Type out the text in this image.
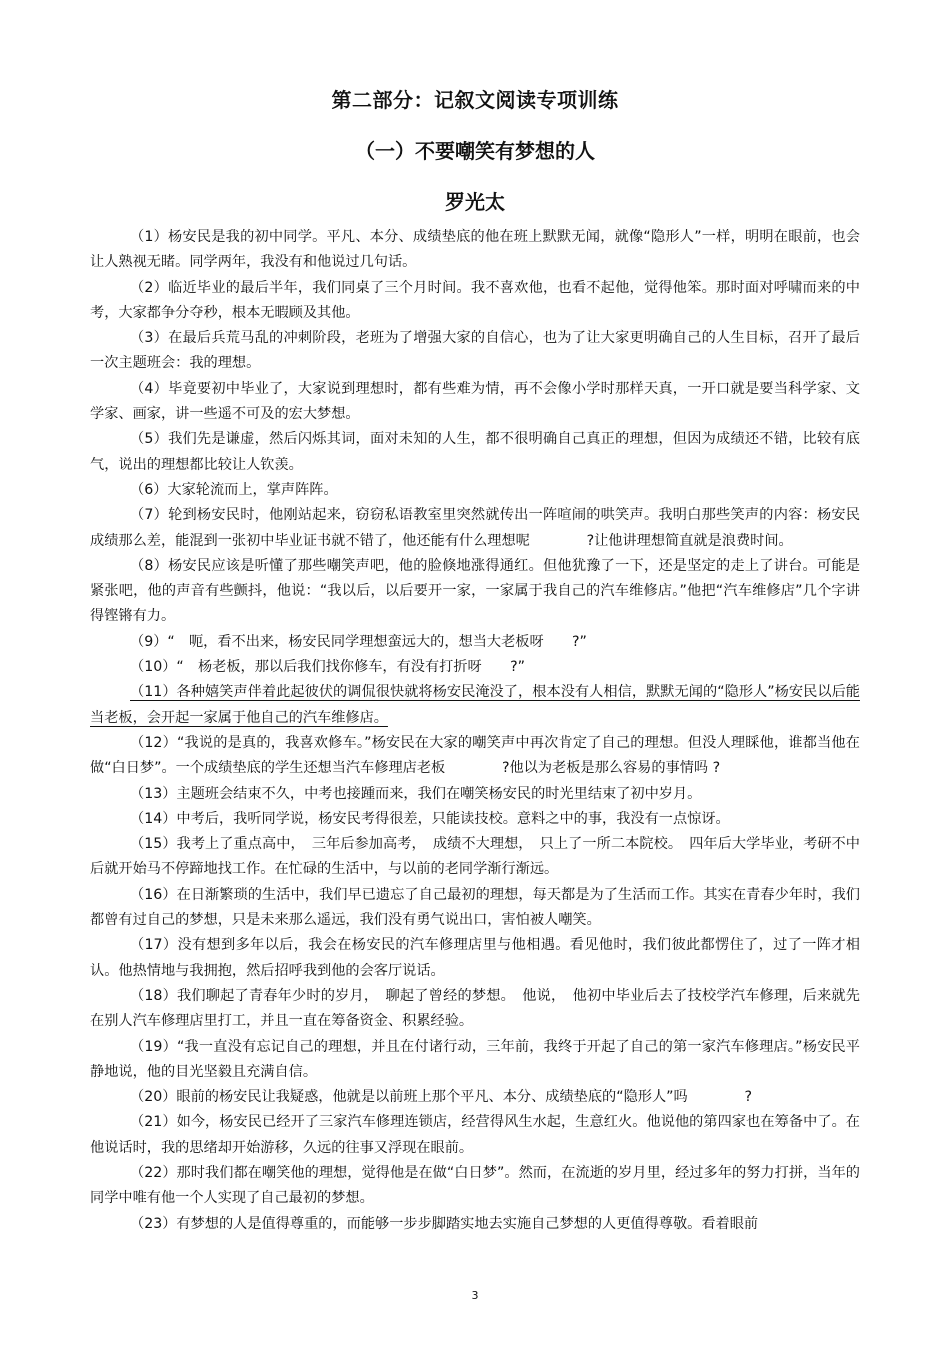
第二部分：记叙文阅读专项训练
（一）不要嘲笑有梦想的人
罗光太

（1）杨安民是我的初中同学。平凡、本分、成绩垫底的他在班上默默无闻，就像“隐形人”一样，明明在眼前，也会让人熟视无睹。同学两年，我没有和他说过几句话。

（2）临近毕业的最后半年，我们同桌了三个月时间。我不喜欢他，也看不起他，觉得他笨。那时面对呼啸而来的中考，大家都争分夺秒，根本无暇顾及其他。

（3）在最后兵荒马乱的冲刺阶段，老班为了增强大家的自信心，也为了让大家更明确自己的人生目标，召开了最后一次主题班会：我的理想。

（4）毕竟要初中毕业了，大家说到理想时，都有些难为情，再不会像小学时那样天真，一开口就是要当科学家、文学家、画家，讲一些遥不可及的宏大梦想。

（5）我们先是谦虚，然后闪烁其词，面对未知的人生，都不很明确自己真正的理想，但因为成绩还不错，比较有底气，说出的理想都比较让人钦羡。

（6）大家轮流而上，掌声阵阵。

（7）轮到杨安民时，他刚站起来，窃窃私语教室里突然就传出一阵喧闹的哄笑声。我明白那些笑声的内容：杨安民成绩那么差，能混到一张初中毕业证书就不错了，他还能有什么理想呢　　　　?让他讲理想简直就是浪费时间。

（8）杨安民应该是听懂了那些嘲笑声吧，他的脸倏地涨得通红。但他犹豫了一下，还是坚定的走上了讲台。可能是紧张吧，他的声音有些颤抖，他说：“我以后，以后要开一家，一家属于我自己的汽车维修店。”他把“汽车维修店”几个字讲得铿锵有力。

（9）“　呃，看不出来，杨安民同学理想蛮远大的，想当大老板呀　　?”

（10）“　杨老板，那以后我们找你修车，有没有打折呀　　?”

（11）各种嬉笑声伴着此起彼伏的调侃很快就将杨安民淹没了，根本没有人相信，默默无闻的“隐形人”杨安民以后能当老板，会开起一家属于他自己的汽车维修店。

（12）“我说的是真的，我喜欢修车。”杨安民在大家的嘲笑声中再次肯定了自己的理想。但没人理睬他，谁都当他在做“白日梦”。一个成绩垫底的学生还想当汽车修理店老板　　　　?他以为老板是那么容易的事情吗 ?

（13）主题班会结束不久，中考也接踵而来，我们在嘲笑杨安民的时光里结束了初中岁月。

（14）中考后，我听同学说，杨安民考得很差，只能读技校。意料之中的事，我没有一点惊讶。

（15）我考上了重点高中，　三年后参加高考，　成绩不大理想，　只上了一所二本院校。　四年后大学毕业，考研不中后就开始马不停蹄地找工作。在忙碌的生活中，与以前的老同学渐行渐远。

（16）在日渐繁琐的生活中，我们早已遗忘了自己最初的理想，每天都是为了生活而工作。其实在青春少年时，我们都曾有过自己的梦想，只是未来那么遥远，我们没有勇气说出口，害怕被人嘲笑。

（17）没有想到多年以后，我会在杨安民的汽车修理店里与他相遇。看见他时，我们彼此都愣住了，过了一阵才相认。他热情地与我拥抱，然后招呼我到他的会客厅说话。

（18）我们聊起了青春年少时的岁月，　聊起了曾经的梦想。　他说，　他初中毕业后去了技校学汽车修理，后来就先在别人汽车修理店里打工，并且一直在筹备资金、积累经验。

（19）“我一直没有忘记自己的理想，并且在付诸行动，三年前，我终于开起了自己的第一家汽车修理店。”杨安民平静地说，他的目光坚毅且充满自信。

（20）眼前的杨安民让我疑惑，他就是以前班上那个平凡、本分、成绩垫底的“隐形人”吗　　　　?

（21）如今，杨安民已经开了三家汽车修理连锁店，经营得风生水起，生意红火。他说他的第四家也在筹备中了。在他说话时，我的思绪却开始游移，久远的往事又浮现在眼前。

（22）那时我们都在嘲笑他的理想，觉得他是在做“白日梦”。然而，在流逝的岁月里，经过多年的努力打拼，当年的同学中唯有他一个人实现了自己最初的梦想。

（23）有梦想的人是值得尊重的，而能够一步步脚踏实地去实施自己梦想的人更值得尊敬。看着眼前

3
